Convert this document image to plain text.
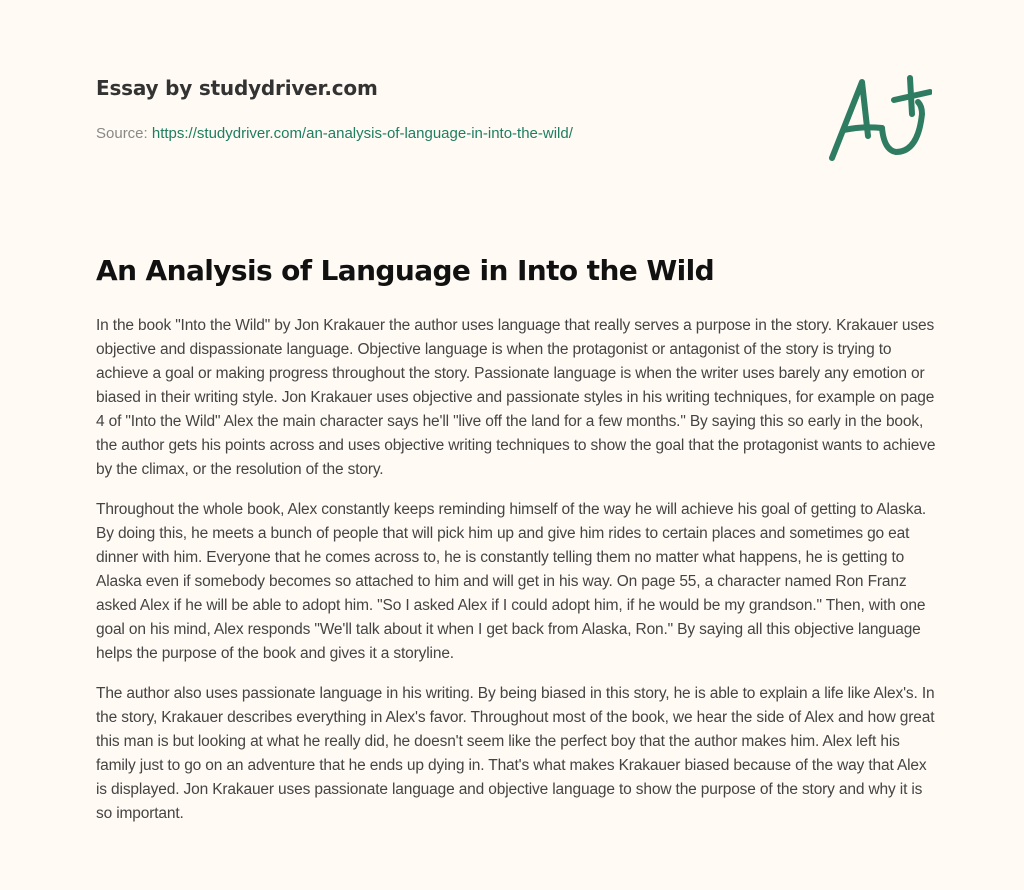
Essay by studydriver.com
Source: https://studydriver.com/an-analysis-of-language-in-into-the-wild/
An Analysis of Language in Into the Wild

In the book "Into the Wild" by Jon Krakauer the author uses language that really serves a purpose in the story. Krakauer uses objective and dispassionate language. Objective language is when the protagonist or antagonist of the story is trying to achieve a goal or making progress throughout the story. Passionate language is when the writer uses barely any emotion or biased in their writing style. Jon Krakauer uses objective and passionate styles in his writing techniques, for example on page 4 of "Into the Wild" Alex the main character says he'll "live off the land for a few months." By saying this so early in the book, the author gets his points across and uses objective writing techniques to show the goal that the protagonist wants to achieve by the climax, or the resolution of the story.

Throughout the whole book, Alex constantly keeps reminding himself of the way he will achieve his goal of getting to Alaska. By doing this, he meets a bunch of people that will pick him up and give him rides to certain places and sometimes go eat dinner with him. Everyone that he comes across to, he is constantly telling them no matter what happens, he is getting to Alaska even if somebody becomes so attached to him and will get in his way. On page 55, a character named Ron Franz asked Alex if he will be able to adopt him. "So I asked Alex if I could adopt him, if he would be my grandson." Then, with one goal on his mind, Alex responds "We'll talk about it when I get back from Alaska, Ron." By saying all this objective language helps the purpose of the book and gives it a storyline.

The author also uses passionate language in his writing. By being biased in this story, he is able to explain a life like Alex's. In the story, Krakauer describes everything in Alex's favor. Throughout most of the book, we hear the side of Alex and how great this man is but looking at what he really did, he doesn't seem like the perfect boy that the author makes him. Alex left his family just to go on an adventure that he ends up dying in. That's what makes Krakauer biased because of the way that Alex is displayed. Jon Krakauer uses passionate language and objective language to show the purpose of the story and why it is so important.
